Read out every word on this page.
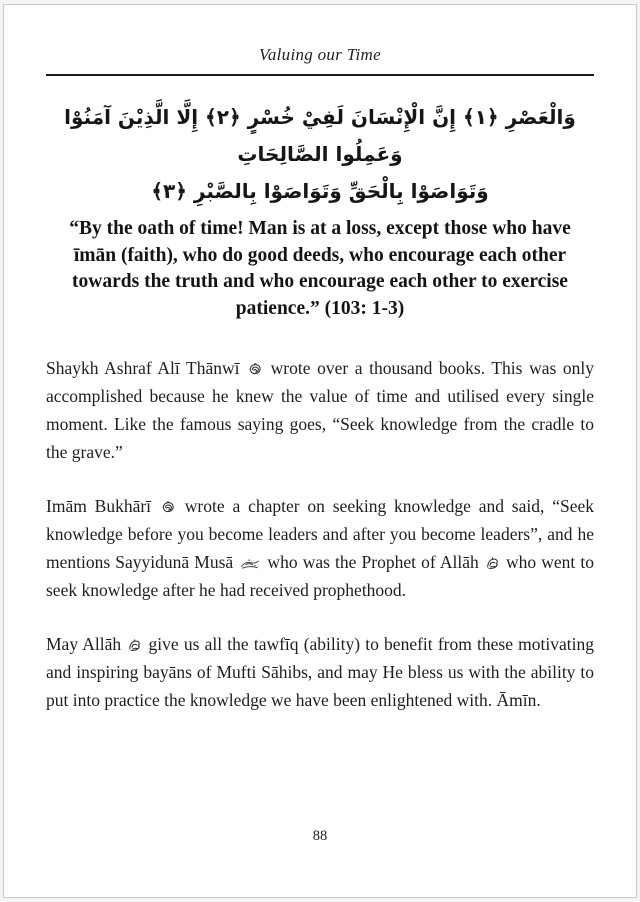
Valuing our Time
وَالْعَصْرِ ﴿١﴾ إِنَّ الْإِنْسَانَ لَفِيْ خُسْرٍ ﴿٢﴾ إِلَّا الَّذِيْنَ آمَنُوْا وَعَمِلُوا الصَّالِحَاتِ
وَتَوَاصَوْا بِالْحَقِّ وَتَوَاصَوْا بِالصَّبْرِ ﴿٣﴾
“By the oath of time! Man is at a loss, except those who have īmān (faith), who do good deeds, who encourage each other towards the truth and who encourage each other to exercise patience.” (103: 1-3)

Shaykh Ashraf Alī Thānwī  wrote over a thousand books. This was only accomplished because he knew the value of time and utilised every single moment. Like the famous saying goes, “Seek knowledge from the cradle to the grave.”

Imām Bukhārī  wrote a chapter on seeking knowledge and said, “Seek knowledge before you become leaders and after you become leaders”, and he mentions Sayyidunā Musā  who was the Prophet of Allāh  who went to seek knowledge after he had received prophethood.

May Allāh  give us all the tawfīq (ability) to benefit from these motivating and inspiring bayāns of Mufti Sāhibs, and may He bless us with the ability to put into practice the knowledge we have been enlightened with. Āmīn.

88
